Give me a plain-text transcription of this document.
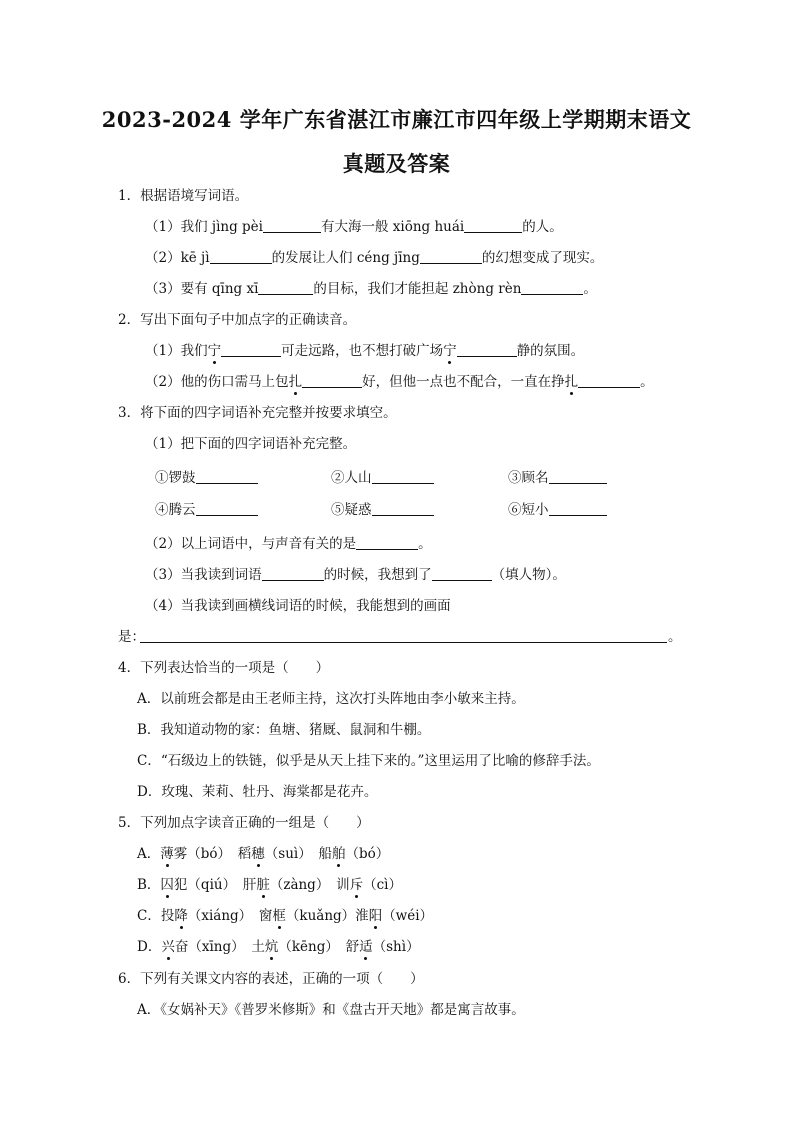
2023-2024 学年广东省湛江市廉江市四年级上学期期末语文
真题及答案
1．根据语境写词语。
（1）我们 jìng pèi	有大海一般 xiōng huái	的人。
（2）kē jì	的发展让人们 céng jīng	的幻想变成了现实。
（3）要有 qīng xī	的目标，我们才能担起 zhòng rèn	。
2．写出下面句子中加点字的正确读音。
（1）我们宁	可走远路，也不想打破广场宁	静的氛围。
（2）他的伤口需马上包扎	好，但他一点也不配合，一直在挣扎	。
3．将下面的四字词语补充完整并按要求填空。
（1）把下面的四字词语补充完整。
①锣鼓	②人山	③顾名
④腾云	⑤疑惑	⑥短小
（2）以上词语中，与声音有关的是	。
（3）当我读到词语	的时候，我想到了	（填人物）。
（4）当我读到画横线词语的时候，我能想到的画面
是：	。
4．下列表达恰当的一项是（　　）
A．以前班会都是由王老师主持，这次打头阵地由李小敏来主持。
B．我知道动物的家：鱼塘、猪厩、鼠洞和牛棚。
C．“石级边上的铁链，似乎是从天上挂下来的。”这里运用了比喻的修辞手法。
D．玫瑰、茉莉、牡丹、海棠都是花卉。
5．下列加点字读音正确的一组是（　　）
A．薄雾（bó）　稻穗（suì）　船舶（bó）
B．囚犯（qiú）　肝脏（zàng）　训斥（cì）
C．投降（xiáng）　窗框（kuǎng）淮阳（wéi）
D．兴奋（xīng）　土炕（kēng）　舒适（shì）
6．下列有关课文内容的表述，正确的一项（　　）
A．《女娲补天》《普罗米修斯》和《盘古开天地》都是寓言故事。
